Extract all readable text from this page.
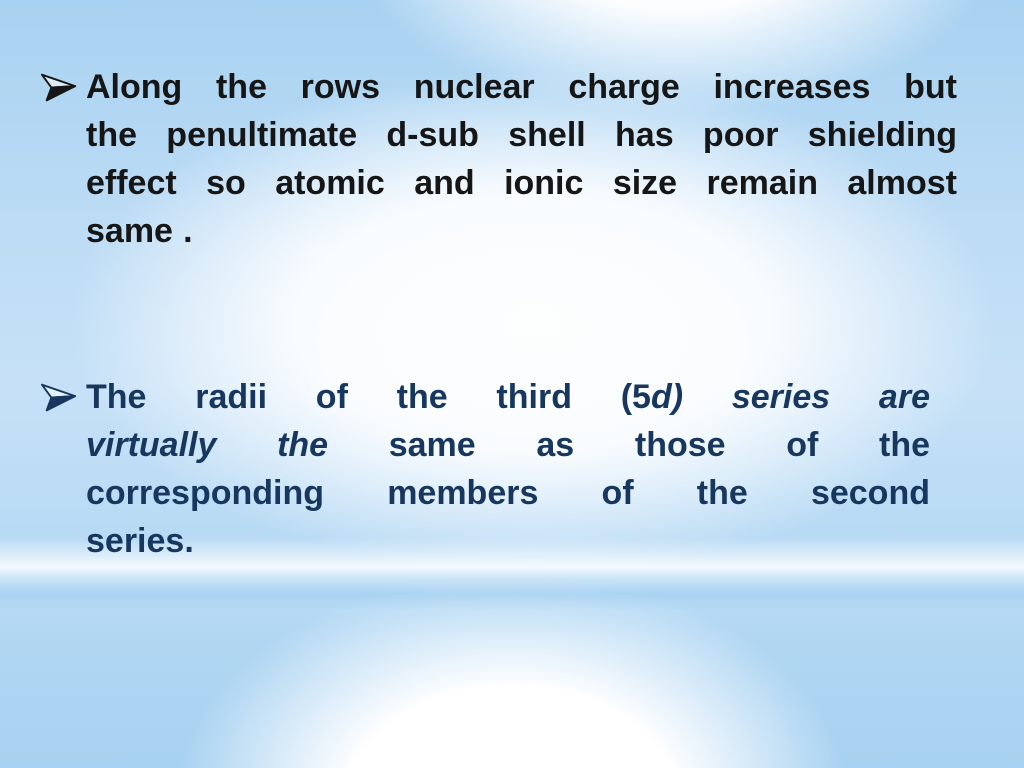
Along the rows nuclear charge increases but
the penultimate d-sub shell has poor shielding
effect so atomic and ionic size remain almost
same .
The radii of the third (5d) series are
virtually the same as those of the
corresponding members of the second
series.
